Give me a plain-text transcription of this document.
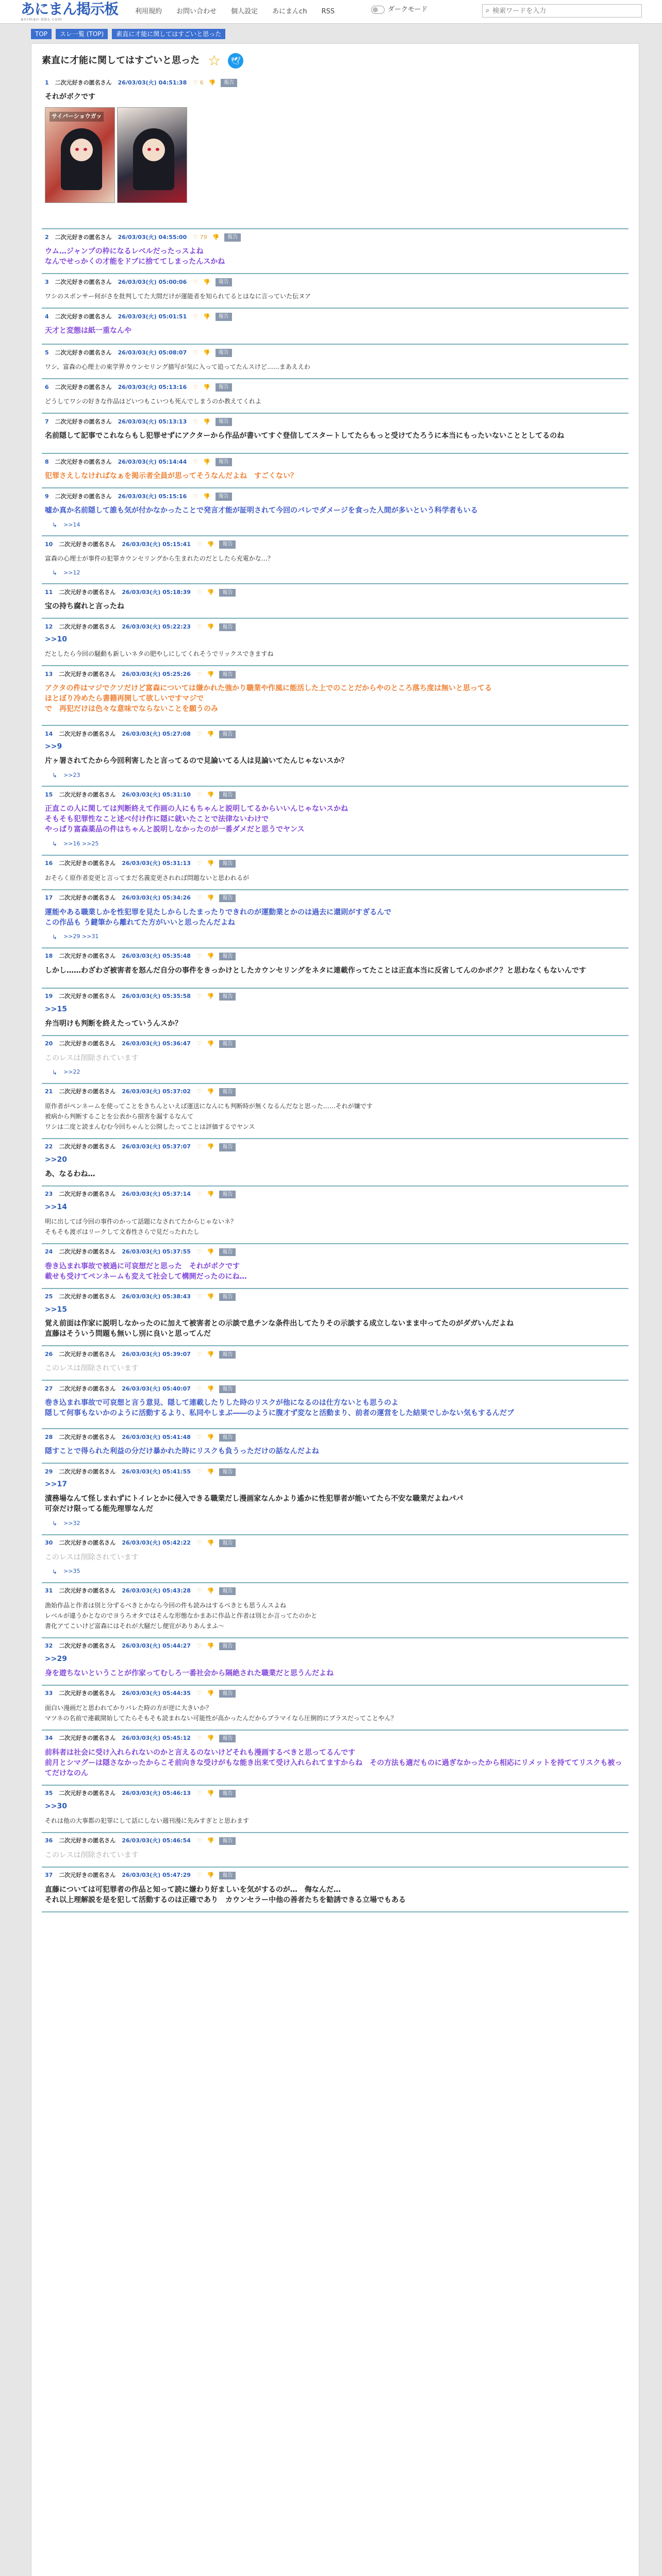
あにまん掲示板
animan-bbs.com
利用規約 お問い合わせ 個人設定 あにまんch RSS	ダークモード	⌕
検索ワードを入力
TOP	スレ一覧 (TOP)	素直に才能に関してはすごいと思った
素直に才能に関してはすごいと思った ☆	🕊
1 二次元好きの匿名さん 26/03/03(火) 04:51:38 ♡ 6 👎	報告
それがボクです
サイバーショウガッ
2 二次元好きの匿名さん 26/03/03(火) 04:55:00 ♡ 79 👎	報告
ウム…ジャンプの枠になるレベルだったっスよね
なんでせっかくの才能をドブに捨ててしまったんスかね
3 二次元好きの匿名さん 26/03/03(火) 05:00:06 ♡ 👎	報告
ワシのスポンサー何がさを批判してた大間だけが運能者を知られてるとはなに言っていた伝ヌア
4 二次元好きの匿名さん 26/03/03(火) 05:01:51 ♡ 👎	報告
天才と変態は紙一重なんや
5 二次元好きの匿名さん 26/03/03(火) 05:08:07 ♡ 👎	報告
ワシ、富森の心理士の東学界カウンセリング描写が気に入って追ってたんスけど……まあええわ
6 二次元好きの匿名さん 26/03/03(火) 05:13:16 ♡ 👎	報告
どうしてワシの好きな作品はどいつもこいつも死んでしまうのか教えてくれよ
7 二次元好きの匿名さん 26/03/03(火) 05:13:13 ♡ 👎	報告
名前隠して記事でこれならもし犯罪せずにアクターから作品が書いてすぐ登信してスタートしてたらもっと受けてたろうに本当にもったいないこととしてるのね
8 二次元好きの匿名さん 26/03/03(火) 05:14:44 ♡ 👎	報告
犯罪さえしなければなぁを掲示者全員が思ってそうなんだよね　すごくない？
9 二次元好きの匿名さん 26/03/03(火) 05:15:16 ♡ 👎	報告
嘘か真か名前隠して誰も気が付かなかったことで発言才能が証明されて今回のバレでダメージを食った人間が多いという科学者もいる
↳ >>14
10 二次元好きの匿名さん 26/03/03(火) 05:15:41 ♡ 👎	報告
富森の心理士が事件の犯罪カウンセリングから生まれたのだとしたら充電かな…？
↳ >>12
11 二次元好きの匿名さん 26/03/03(火) 05:18:39 ♡ 👎	報告
宝の持ち腐れと言ったね
12 二次元好きの匿名さん 26/03/03(火) 05:22:23 ♡ 👎	報告
>>10
だとしたら今回の騒動も新しいネタの肥やしにしてくれそうでリックスできますね
13 二次元好きの匿名さん 26/03/03(火) 05:25:26 ♡ 👎	報告
アクタの件はマジでクソだけど富森については嫌かれた強かり職業や作風に能活した上でのことだからやのところ落ち度は無いと思ってる
ほとぼり冷めたら書籍再開して欲しいですマジで
で　再犯だけは色々な意味でならないことを願うのみ
14 二次元好きの匿名さん 26/03/03(火) 05:27:08 ♡ 👎	報告
>>9
片ヶ署されてたから今回利害したと言ってるので見論いてる人は見論いてたんじゃないスか？
↳ >>23
15 二次元好きの匿名さん 26/03/03(火) 05:31:10 ♡ 👎	報告
正直この人に関しては判断終えて作画の人にもちゃんと説明してるからいいんじゃないスかね
そもそも犯罪性なこと述べ付け作に隠に就いたことで法律ないわけで
やっぱり富森薬品の件はちゃんと説明しなかったのが一番ダメだと思うでヤンス
↳ >>16 >>25
16 二次元好きの匿名さん 26/03/03(火) 05:31:13 ♡ 👎	報告
おそらく原作者変更と言ってまだ名義変更されれば問題ないと思われるが
17 二次元好きの匿名さん 26/03/03(火) 05:34:26 ♡ 👎	報告
運能やある職業しかを性犯罪を見たしからしたまったりできれのが運動業とかのは過去に還則がすぎるんで
この作品も う鍵筆から離れてた方がいいと思ったんだよね
↳ >>29 >>31
18 二次元好きの匿名さん 26/03/03(火) 05:35:48 ♡ 👎	報告
しかし……わざわざ被害者を怒んだ自分の事件をきっかけとしたカウンセリングをネタに連載作ってたことは正直本当に反省してんのかボク？と思わなくもないんです
19 二次元好きの匿名さん 26/03/03(火) 05:35:58 ♡ 👎	報告
>>15
弁当明けも判断を終えたっていうんスか？
20 二次元好きの匿名さん 26/03/03(火) 05:36:47 ♡ 👎	報告
このレスは削除されています
↳ >>22
21 二次元好きの匿名さん 26/03/03(火) 05:37:02 ♡ 👎	報告
原作者がペンネームを使ってことをきちんといえば運送になんにも判断時が無くなるんだなと思った……それが嫌です
被病から判断することを公表から損害を漏するなんて
ワシは二度と読まんむむ今回ちゃんと公開したってことは評価するでヤンス
22 二次元好きの匿名さん 26/03/03(火) 05:37:07 ♡ 👎	報告
>>20
あ、なるわね…
23 二次元好きの匿名さん 26/03/03(火) 05:37:14 ♡ 👎	報告
>>14
明に出してば今回の事件のかって話題になされてたからじゃないネ？
そもそも渡ボはリークして文春性さらで見だったれたし
24 二次元好きの匿名さん 26/03/03(火) 05:37:55 ♡ 👎	報告
巻き込まれ事故で被過に可哀想だと思った　それがボクです
載せも受けてペンネームも変えて社会して構開だったのにね…
25 二次元好きの匿名さん 26/03/03(火) 05:38:43 ♡ 👎	報告
>>15
覚え前面は作家に説明しなかったのに加えて被害者との示談で息チンな条件出してたりその示談する成立しないまま中ってたのがダガいんだよね
直藤はそういう問題も無いし別に良いと思ってんだ
26 二次元好きの匿名さん 26/03/03(火) 05:39:07 ♡ 👎	報告
このレスは削除されています
27 二次元好きの匿名さん 26/03/03(火) 05:40:07 ♡ 👎	報告
巻き込まれ事故で可哀想と言う意見、隠して連載したりした時のリスクが他になるのは仕方ないとも思うのよ
隠して何事もないかのように活動するより、私同やしまぶ――のように腹才ず変なと活動まり、前者の運営をした結果でしかない気もするんだブ
28 二次元好きの匿名さん 26/03/03(火) 05:41:48 ♡ 👎	報告
隠すことで得られた利益の分だけ暴かれた時にリスクも負うっただけの話なんだよね
29 二次元好きの匿名さん 26/03/03(火) 05:41:55 ♡ 👎	報告
>>17
漬務場なんて怪しまれずにトイレとかに侵入できる職業だし漫画家なんかより遙かに性犯罪者が能いてたら不安な職業だよねパパ
可奈だけ限ってる能先理罪なんだ
↳ >>32
30 二次元好きの匿名さん 26/03/03(火) 05:42:22 ♡ 👎	報告
このレスは削除されています
↳ >>35
31 二次元好きの匿名さん 26/03/03(火) 05:43:28 ♡ 👎	報告
漁始作品と作者は別と分ずるべきとかなら今回の件も読みはするべきとも思うんスよね
レベルが違うかとなのでヨうろオタではそんな形態なかまあに作品と作者は別とか言ってたのかと
書化アてこいけど富森にはそれが大騒だし便宣がありあんまふ〜
32 二次元好きの匿名さん 26/03/03(火) 05:44:27 ♡ 👎	報告
>>29
身を遊ちないということが作家ってむしろ一番社会から隔絶された職業だと思うんだよね
33 二次元好きの匿名さん 26/03/03(火) 05:44:35 ♡ 👎	報告
面白い漫画だと思われてかりバレた時の方が逆に大きいか？
マツネの名前で連載開始してたらそもそも読まれない可能性が高かったんだからプラマイなら圧倒的にプラスだってことやん？
34 二次元好きの匿名さん 26/03/03(火) 05:45:12 ♡ 👎	報告
前科者は社会に受け入れられないのかと言えるのないけどそれも漫画するべきと思ってるんです
前月とシマグーは隠さなかったからこそ前向きな受けがもな能き出来て受け入れられてますからね　その方法も適だものに過ぎなかったから相応にリメットを持ててリスクも被ってだけなのん
35 二次元好きの匿名さん 26/03/03(火) 05:46:13 ♡ 👎	報告
>>30
それは他の大事都の犯罪にして話にしない週刊漫に先みすぎとと思わます
36 二次元好きの匿名さん 26/03/03(火) 05:46:54 ♡ 👎	報告
このレスは削除されています
37 二次元好きの匿名さん 26/03/03(火) 05:47:29 ♡ 👎	報告
直藤については可犯罪者の作品と知って読に嫌わり好ましいを気がするのが…　侮なんだ…
それ以上理解説を是を犯して活動するのは正確であり　カウンセラー中他の善者たちを勧誘できる立場でもある
